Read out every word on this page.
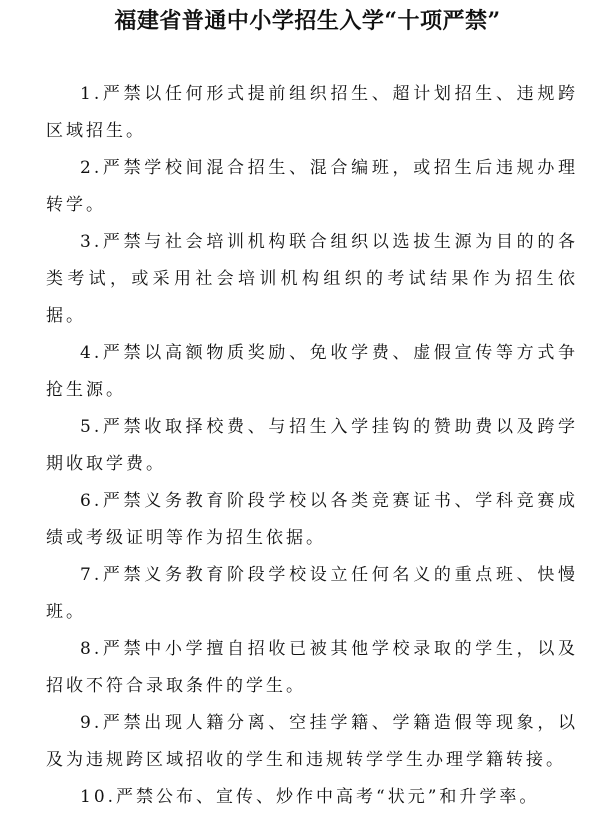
福建省普通中小学招生入学“十项严禁”

1.严禁以任何形式提前组织招生、超计划招生、违规跨区域招生。

2.严禁学校间混合招生、混合编班，或招生后违规办理转学。

3.严禁与社会培训机构联合组织以选拔生源为目的的各类考试，或采用社会培训机构组织的考试结果作为招生依据。

4.严禁以高额物质奖励、免收学费、虚假宣传等方式争抢生源。

5.严禁收取择校费、与招生入学挂钩的赞助费以及跨学期收取学费。

6.严禁义务教育阶段学校以各类竞赛证书、学科竞赛成绩或考级证明等作为招生依据。

7.严禁义务教育阶段学校设立任何名义的重点班、快慢班。

8.严禁中小学擅自招收已被其他学校录取的学生，以及招收不符合录取条件的学生。

9.严禁出现人籍分离、空挂学籍、学籍造假等现象，以及为违规跨区域招收的学生和违规转学学生办理学籍转接。

10.严禁公布、宣传、炒作中高考“状元”和升学率。
